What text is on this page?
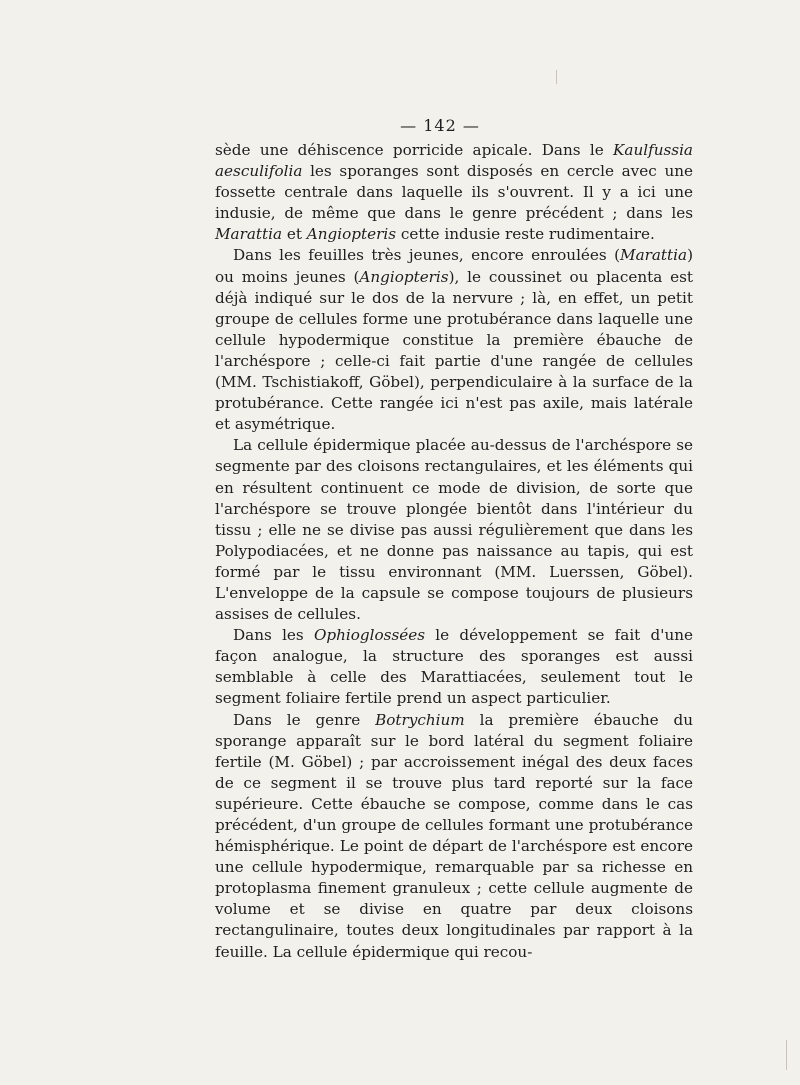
— 142 —

sède une déhiscence porricide apicale. Dans le Kaulfussia aesculifolia les sporanges sont disposés en cercle avec une fossette centrale dans laquelle ils s'ouvrent. Il y a ici une indusie, de même que dans le genre précédent ; dans les Marattia et Angiopteris cette indusie reste rudimentaire.

Dans les feuilles très jeunes, encore enroulées (Marattia) ou moins jeunes (Angiopteris), le coussinet ou placenta est déjà indiqué sur le dos de la nervure ; là, en effet, un petit groupe de cellules forme une protubérance dans laquelle une cellule hypodermique constitue la première ébauche de l'archéspore ; celle-ci fait partie d'une rangée de cellules (MM. Tschistiakoff, Göbel), perpendiculaire à la surface de la protubérance. Cette rangée ici n'est pas axile, mais latérale et asymétrique.

La cellule épidermique placée au-dessus de l'archéspore se segmente par des cloisons rectangulaires, et les éléments qui en résultent continuent ce mode de division, de sorte que l'archéspore se trouve plongée bientôt dans l'intérieur du tissu ; elle ne se divise pas aussi régulièrement que dans les Polypodiacées, et ne donne pas naissance au tapis, qui est formé par le tissu environnant (MM. Luerssen, Göbel). L'enveloppe de la capsule se compose toujours de plusieurs assises de cellules.

Dans les Ophioglossées le développement se fait d'une façon analogue, la structure des sporanges est aussi semblable à celle des Marattiacées, seulement tout le segment foliaire fertile prend un aspect particulier.

Dans le genre Botrychium la première ébauche du sporange apparaît sur le bord latéral du segment foliaire fertile (M. Göbel) ; par accroissement inégal des deux faces de ce segment il se trouve plus tard reporté sur la face supérieure. Cette ébauche se compose, comme dans le cas précédent, d'un groupe de cellules formant une protubérance hémisphérique. Le point de départ de l'archéspore est encore une cellule hypodermique, remarquable par sa richesse en protoplasma finement granuleux ; cette cellule augmente de volume et se divise en quatre par deux cloisons rectangulinaire, toutes deux longitudinales par rapport à la feuille. La cellule épidermique qui recou-
